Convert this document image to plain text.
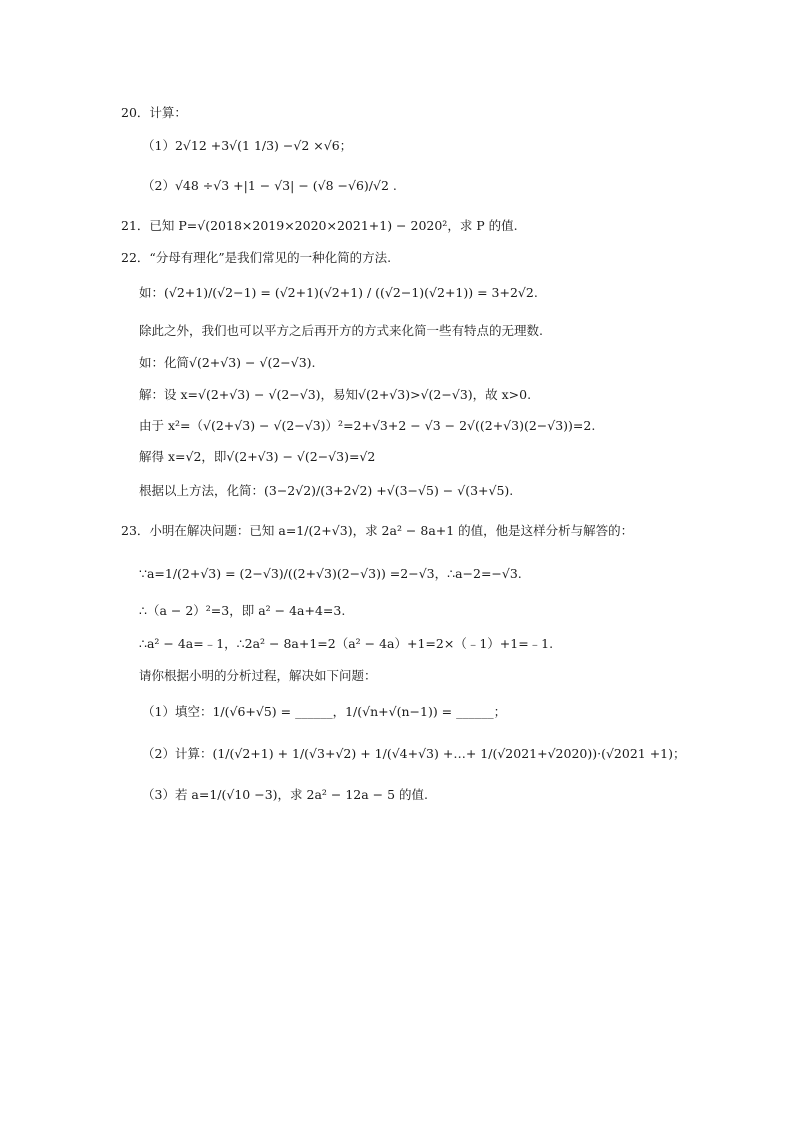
20．计算：
（1）2√12 +3√(1 1/3) −√2 ×√6；
（2）√48 ÷√3 +|1 − √3| − (√8 −√6)/√2 .
21．已知 P=√(2018×2019×2020×2021+1) − 2020²，求 P 的值.
22．“分母有理化”是我们常见的一种化简的方法.
如：(√2+1)/(√2−1) = (√2+1)(√2+1) / ((√2−1)(√2+1)) = 3+2√2.
除此之外，我们也可以平方之后再开方的方式来化简一些有特点的无理数.
如：化简√(2+√3) − √(2−√3).
解：设 x=√(2+√3) − √(2−√3)，易知√(2+√3)>√(2−√3)，故 x>0.
由于 x²=（√(2+√3) − √(2−√3)）²=2+√3+2 − √3 − 2√((2+√3)(2−√3))=2.
解得 x=√2，即√(2+√3) − √(2−√3)=√2
根据以上方法，化简：(3−2√2)/(3+2√2) +√(3−√5) − √(3+√5).
23．小明在解决问题：已知 a=1/(2+√3)，求 2a² − 8a+1 的值，他是这样分析与解答的：
∵a=1/(2+√3) = (2−√3)/((2+√3)(2−√3)) =2−√3，∴a−2=−√3.
∴（a − 2）²=3，即 a² − 4a+4=3.
∴a² − 4a=﹣1，∴2a² − 8a+1=2（a² − 4a）+1=2×（﹣1）+1=﹣1.
请你根据小明的分析过程，解决如下问题：
（1）填空：1/(√6+√5) = ______，1/(√n+√(n−1)) = ______；
（2）计算：(1/(√2+1) + 1/(√3+√2) + 1/(√4+√3) +…+ 1/(√2021+√2020))·(√2021 +1)；
（3）若 a=1/(√10 −3)，求 2a² − 12a − 5 的值.
